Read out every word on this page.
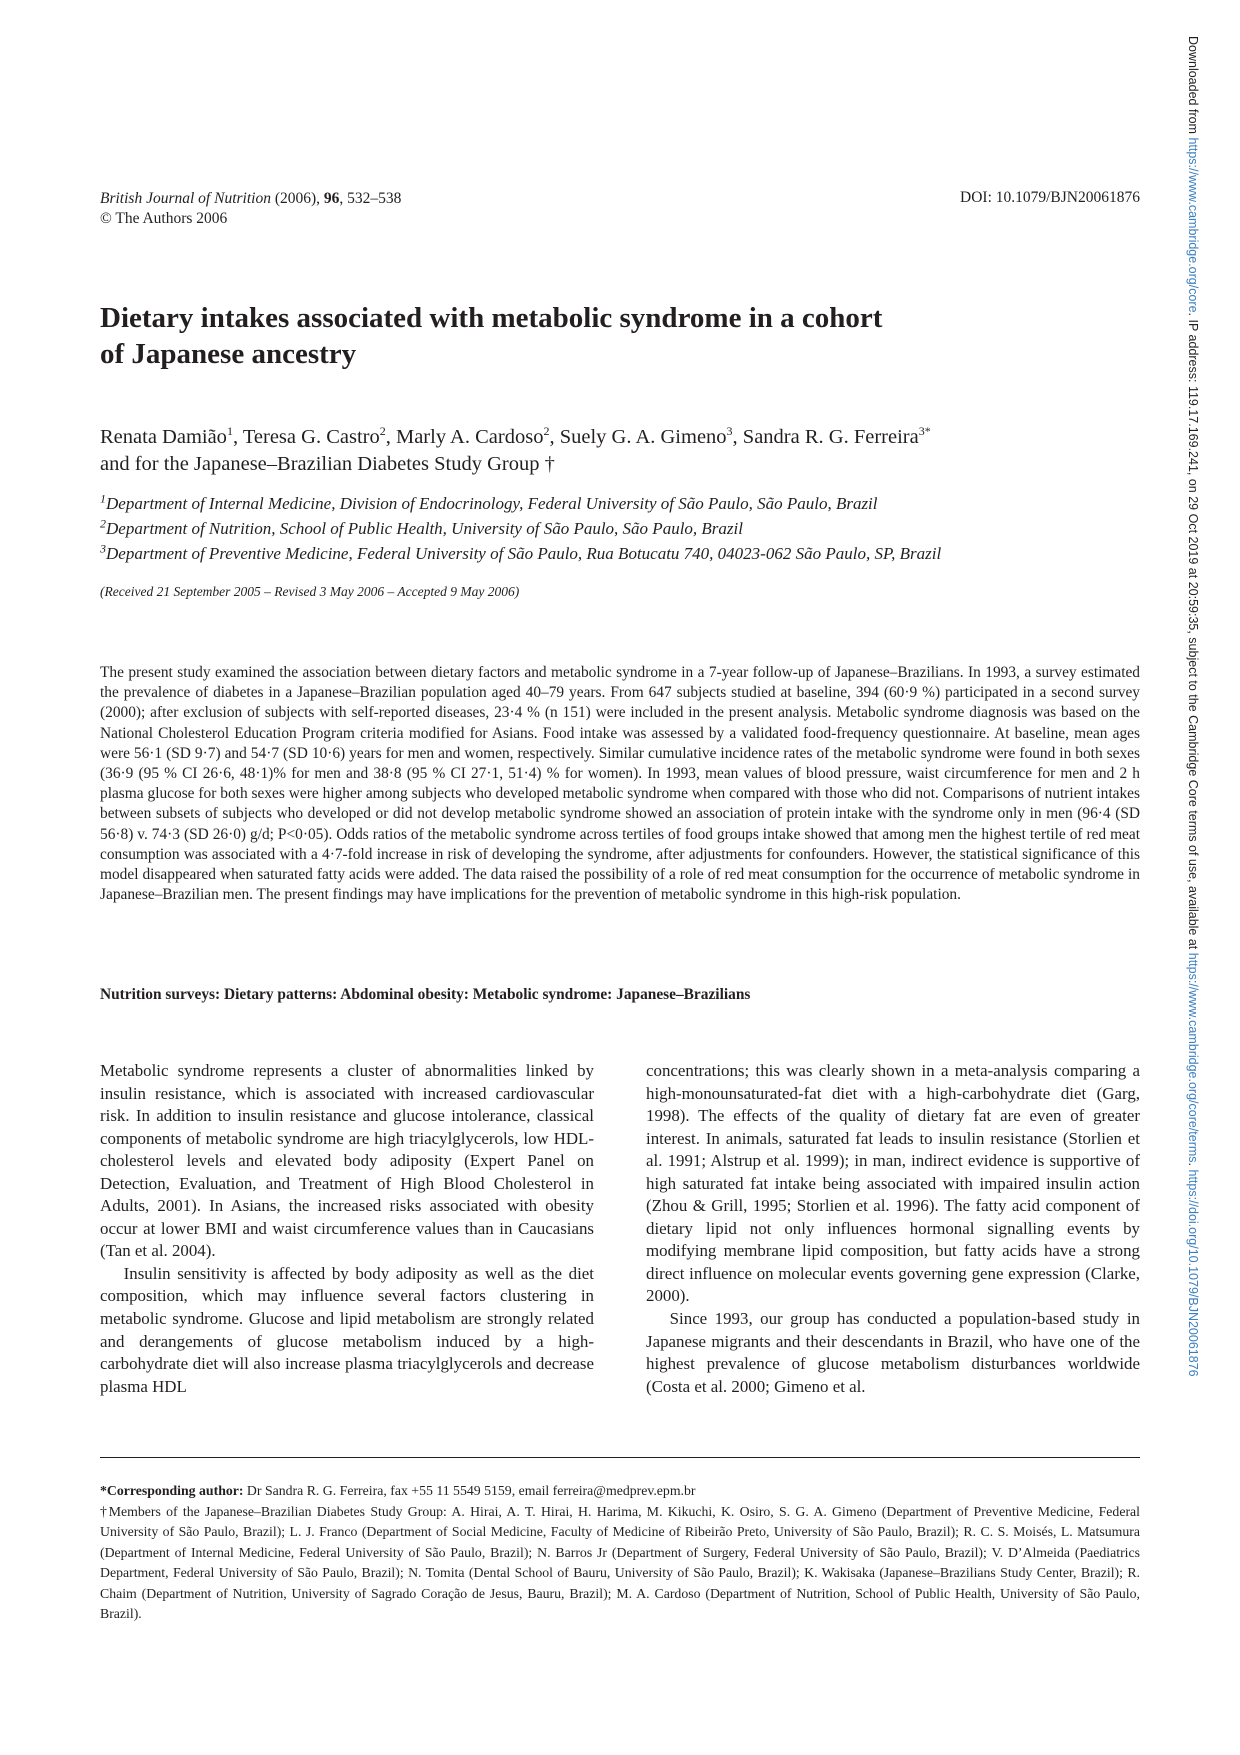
British Journal of Nutrition (2006), 96, 532–538
© The Authors 2006
DOI: 10.1079/BJN20061876
Dietary intakes associated with metabolic syndrome in a cohort
of Japanese ancestry
Renata Damião$^1$, Teresa G. Castro$^2$, Marly A. Cardoso$^2$, Suely G. A. Gimeno$^3$, Sandra R. G. Ferreira$^{3*}$
and for the Japanese–Brazilian Diabetes Study Group †
$^1$Department of Internal Medicine, Division of Endocrinology, Federal University of São Paulo, São Paulo, Brazil
$^2$Department of Nutrition, School of Public Health, University of São Paulo, São Paulo, Brazil
$^3$Department of Preventive Medicine, Federal University of São Paulo, Rua Botucatu 740, 04023-062 São Paulo, SP, Brazil
(Received 21 September 2005 – Revised 3 May 2006 – Accepted 9 May 2006)
The present study examined the association between dietary factors and metabolic syndrome in a 7-year follow-up of Japanese–Brazilians. In 1993, a survey estimated the prevalence of diabetes in a Japanese–Brazilian population aged 40–79 years. From 647 subjects studied at baseline, 394 (60·9 %) participated in a second survey (2000); after exclusion of subjects with self-reported diseases, 23·4 % (n 151) were included in the present analysis. Metabolic syndrome diagnosis was based on the National Cholesterol Education Program criteria modified for Asians. Food intake was assessed by a validated food-frequency questionnaire. At baseline, mean ages were 56·1 (SD 9·7) and 54·7 (SD 10·6) years for men and women, respectively. Similar cumulative incidence rates of the metabolic syndrome were found in both sexes (36·9 (95 % CI 26·6, 48·1)% for men and 38·8 (95 % CI 27·1, 51·4) % for women). In 1993, mean values of blood pressure, waist circumference for men and 2 h plasma glucose for both sexes were higher among subjects who developed metabolic syndrome when compared with those who did not. Comparisons of nutrient intakes between subsets of subjects who developed or did not develop metabolic syndrome showed an association of protein intake with the syndrome only in men (96·4 (SD 56·8) v. 74·3 (SD 26·0) g/d; P<0·05). Odds ratios of the metabolic syndrome across tertiles of food groups intake showed that among men the highest tertile of red meat consumption was associated with a 4·7-fold increase in risk of developing the syndrome, after adjustments for confounders. However, the statistical significance of this model disappeared when saturated fatty acids were added. The data raised the possibility of a role of red meat consumption for the occurrence of metabolic syndrome in Japanese–Brazilian men. The present findings may have implications for the prevention of metabolic syndrome in this high-risk population.
Nutrition surveys: Dietary patterns: Abdominal obesity: Metabolic syndrome: Japanese–Brazilians

Metabolic syndrome represents a cluster of abnormalities linked by insulin resistance, which is associated with increased cardiovascular risk. In addition to insulin resistance and glucose intolerance, classical components of metabolic syndrome are high triacylglycerols, low HDL-cholesterol levels and elevated body adiposity (Expert Panel on Detection, Evaluation, and Treatment of High Blood Cholesterol in Adults, 2001). In Asians, the increased risks associated with obesity occur at lower BMI and waist circumference values than in Caucasians (Tan et al. 2004).

Insulin sensitivity is affected by body adiposity as well as the diet composition, which may influence several factors clustering in metabolic syndrome. Glucose and lipid metabolism are strongly related and derangements of glucose metabolism induced by a high-carbohydrate diet will also increase plasma triacylglycerols and decrease plasma HDL

concentrations; this was clearly shown in a meta-analysis comparing a high-monounsaturated-fat diet with a high-carbohydrate diet (Garg, 1998). The effects of the quality of dietary fat are even of greater interest. In animals, saturated fat leads to insulin resistance (Storlien et al. 1991; Alstrup et al. 1999); in man, indirect evidence is supportive of high saturated fat intake being associated with impaired insulin action (Zhou & Grill, 1995; Storlien et al. 1996). The fatty acid component of dietary lipid not only influences hormonal signalling events by modifying membrane lipid composition, but fatty acids have a strong direct influence on molecular events governing gene expression (Clarke, 2000).

Since 1993, our group has conducted a population-based study in Japanese migrants and their descendants in Brazil, who have one of the highest prevalence of glucose metabolism disturbances worldwide (Costa et al. 2000; Gimeno et al.

*Corresponding author: Dr Sandra R. G. Ferreira, fax +55 11 5549 5159, email ferreira@medprev.epm.br

†Members of the Japanese–Brazilian Diabetes Study Group: A. Hirai, A. T. Hirai, H. Harima, M. Kikuchi, K. Osiro, S. G. A. Gimeno (Department of Preventive Medicine, Federal University of São Paulo, Brazil); L. J. Franco (Department of Social Medicine, Faculty of Medicine of Ribeirão Preto, University of São Paulo, Brazil); R. C. S. Moisés, L. Matsumura (Department of Internal Medicine, Federal University of São Paulo, Brazil); N. Barros Jr (Department of Surgery, Federal University of São Paulo, Brazil); V. D’Almeida (Paediatrics Department, Federal University of São Paulo, Brazil); N. Tomita (Dental School of Bauru, University of São Paulo, Brazil); K. Wakisaka (Japanese–Brazilians Study Center, Brazil); R. Chaim (Department of Nutrition, University of Sagrado Coração de Jesus, Bauru, Brazil); M. A. Cardoso (Department of Nutrition, School of Public Health, University of São Paulo, Brazil).

Downloaded from https://www.cambridge.org/core. IP address: 119.17.169.241, on 29 Oct 2019 at 20:59:35, subject to the Cambridge Core terms of use, available at https://www.cambridge.org/core/terms. https://doi.org/10.1079/BJN20061876
